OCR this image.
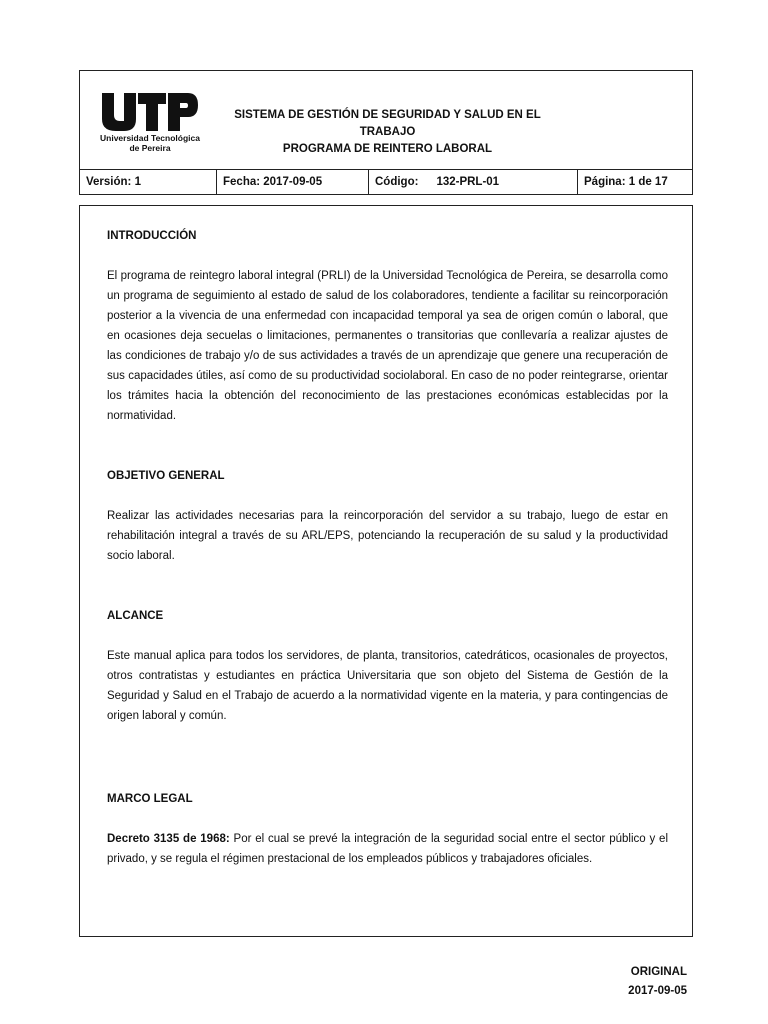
Universidad Tecnológica
de Pereira
SISTEMA DE GESTIÓN DE SEGURIDAD Y SALUD EN EL TRABAJO
PROGRAMA DE REINTERO LABORAL
Versión: 1	Fecha: 2017-09-05	Código: 132-PRL-01	Página: 1 de 17
INTRODUCCIÓN

El programa de reintegro laboral integral (PRLI) de la Universidad Tecnológica de Pereira, se desarrolla como un programa de seguimiento al estado de salud de los colaboradores, tendiente a facilitar su reincorporación posterior a la vivencia de una enfermedad con incapacidad temporal ya sea de origen común o laboral, que en ocasiones deja secuelas o limitaciones, permanentes o transitorias que conllevaría a realizar ajustes de las condiciones de trabajo y/o de sus actividades a través de un aprendizaje que genere una recuperación de sus capacidades útiles, así como de su productividad sociolaboral. En caso de no poder reintegrarse, orientar los trámites hacia la obtención del reconocimiento de las prestaciones económicas establecidas por la normatividad.

OBJETIVO GENERAL

Realizar las actividades necesarias para la reincorporación del servidor a su trabajo, luego de estar en rehabilitación integral a través de su ARL/EPS, potenciando la recuperación de su salud y la productividad socio laboral.

ALCANCE

Este manual aplica para todos los servidores, de planta, transitorios, catedráticos, ocasionales de proyectos, otros contratistas y estudiantes en práctica Universitaria que son objeto del Sistema de Gestión de la Seguridad y Salud en el Trabajo de acuerdo a la normatividad vigente en la materia, y para contingencias de origen laboral y común.

MARCO LEGAL

Decreto 3135 de 1968: Por el cual se prevé la integración de la seguridad social entre el sector público y el privado, y se regula el régimen prestacional de los empleados públicos y trabajadores oficiales.

ORIGINAL
2017-09-05
